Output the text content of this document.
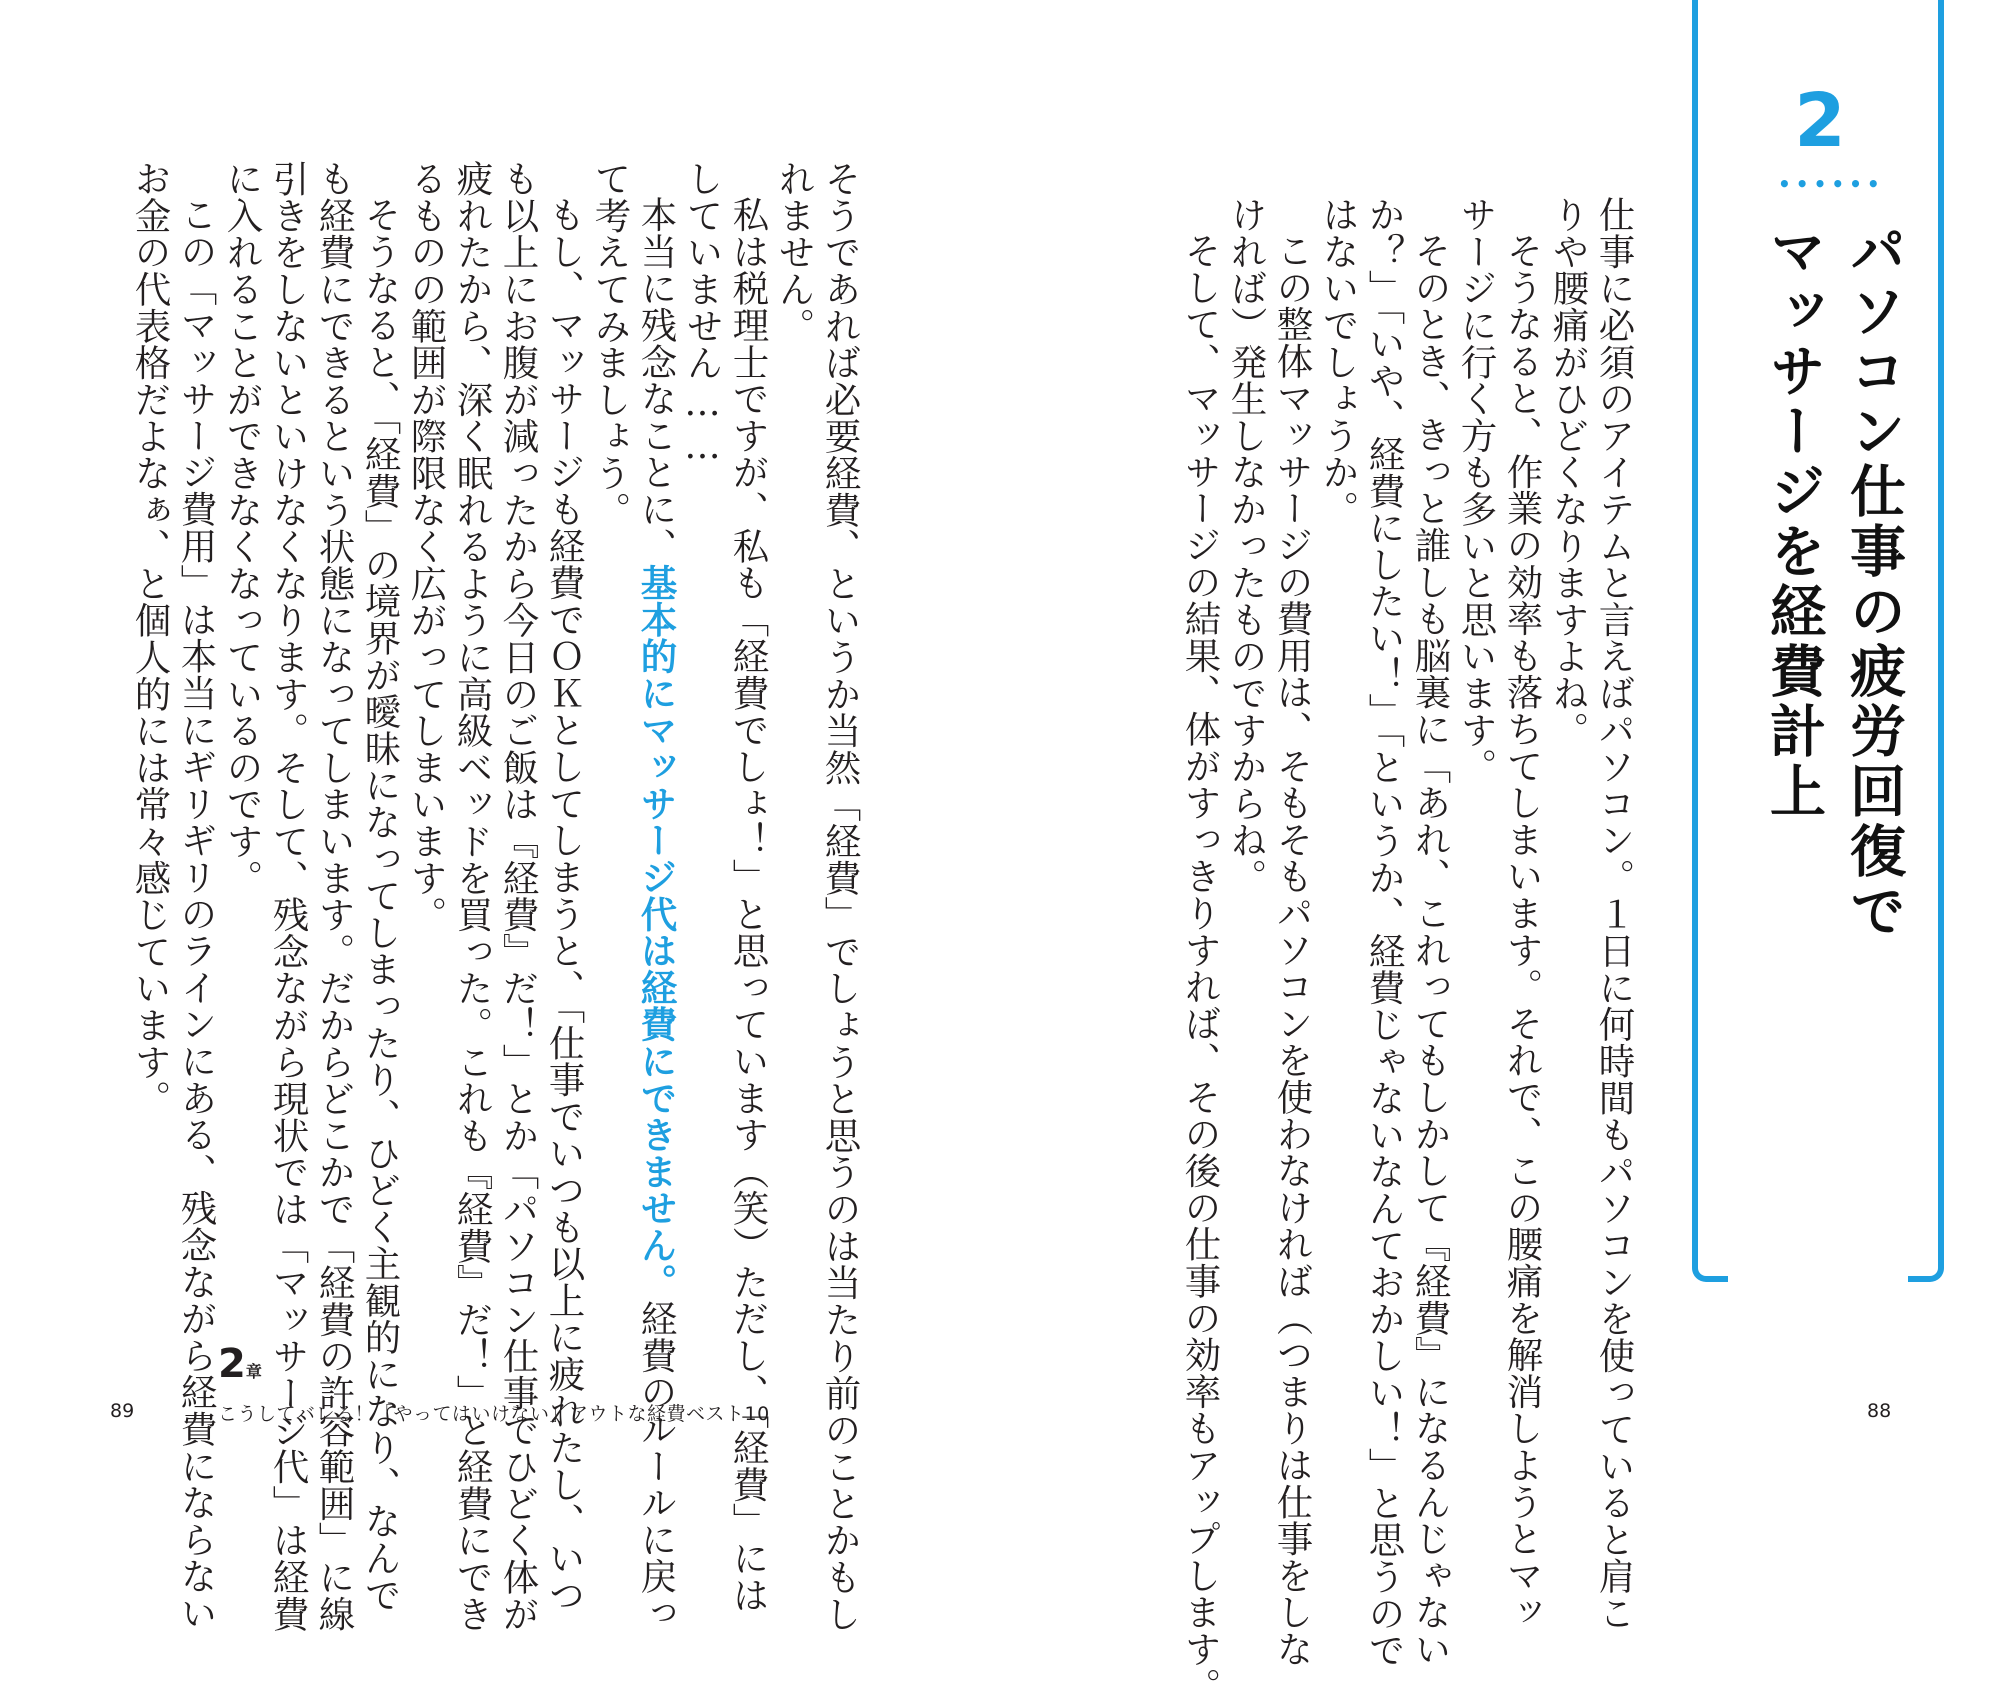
2
••••••
パソコン仕事の疲労回復で
マッサージを経費計上

仕事に必須のアイテムと言えばパソコン。１日に何時間もパソコンを使っていると肩こ

りや腰痛がひどくなりますよね。

そうなると、作業の効率も落ちてしまいます。それで、この腰痛を解消しようとマッ

サージに行く方も多いと思います。

そのとき、きっと誰しも脳裏に「あれ、これってもしかして『経費』になるんじゃない

か？」「いや、経費にしたい！」「というか、経費じゃないなんておかしい！」と思うので

はないでしょうか。

この整体マッサージの費用は、そもそもパソコンを使わなければ（つまりは仕事をしな

ければ）発生しなかったものですからね。

そして、マッサージの結果、体がすっきりすれば、その後の仕事の効率もアップします。

そうであれば必要経費、というか当然「経費」でしょうと思うのは当たり前のことかもし

れません。

私は税理士ですが、私も「経費でしょ！」と思っています（笑）ただし、「経費」には

していません……

本当に残念なことに、基本的にマッサージ代は経費にできません。経費のルールに戻っ

て考えてみましょう。

もし、マッサージも経費でＯＫとしてしまうと、「仕事でいつも以上に疲れたし、いつ

も以上にお腹が減ったから今日のご飯は『経費』だ！」とか「パソコン仕事でひどく体が

疲れたから、深く眠れるように高級ベッドを買った。これも『経費』だ！」と経費にでき

るものの範囲が際限なく広がってしまいます。

そうなると、「経費」の境界が曖昧になってしまったり、ひどく主観的になり、なんで

も経費にできるという状態になってしまいます。だからどこかで「経費の許容範囲」に線

引きをしないといけなくなります。そして、残念ながら現状では「マッサージ代」は経費

に入れることができなくなっているのです。

この「マッサージ費用」は本当にギリギリのラインにある、残念ながら経費にならない

お金の代表格だよなぁ、と個人的には常々感じています。

2章
こうしてバレる！「やってはいけない」アウトな経費ベスト10
89	88
